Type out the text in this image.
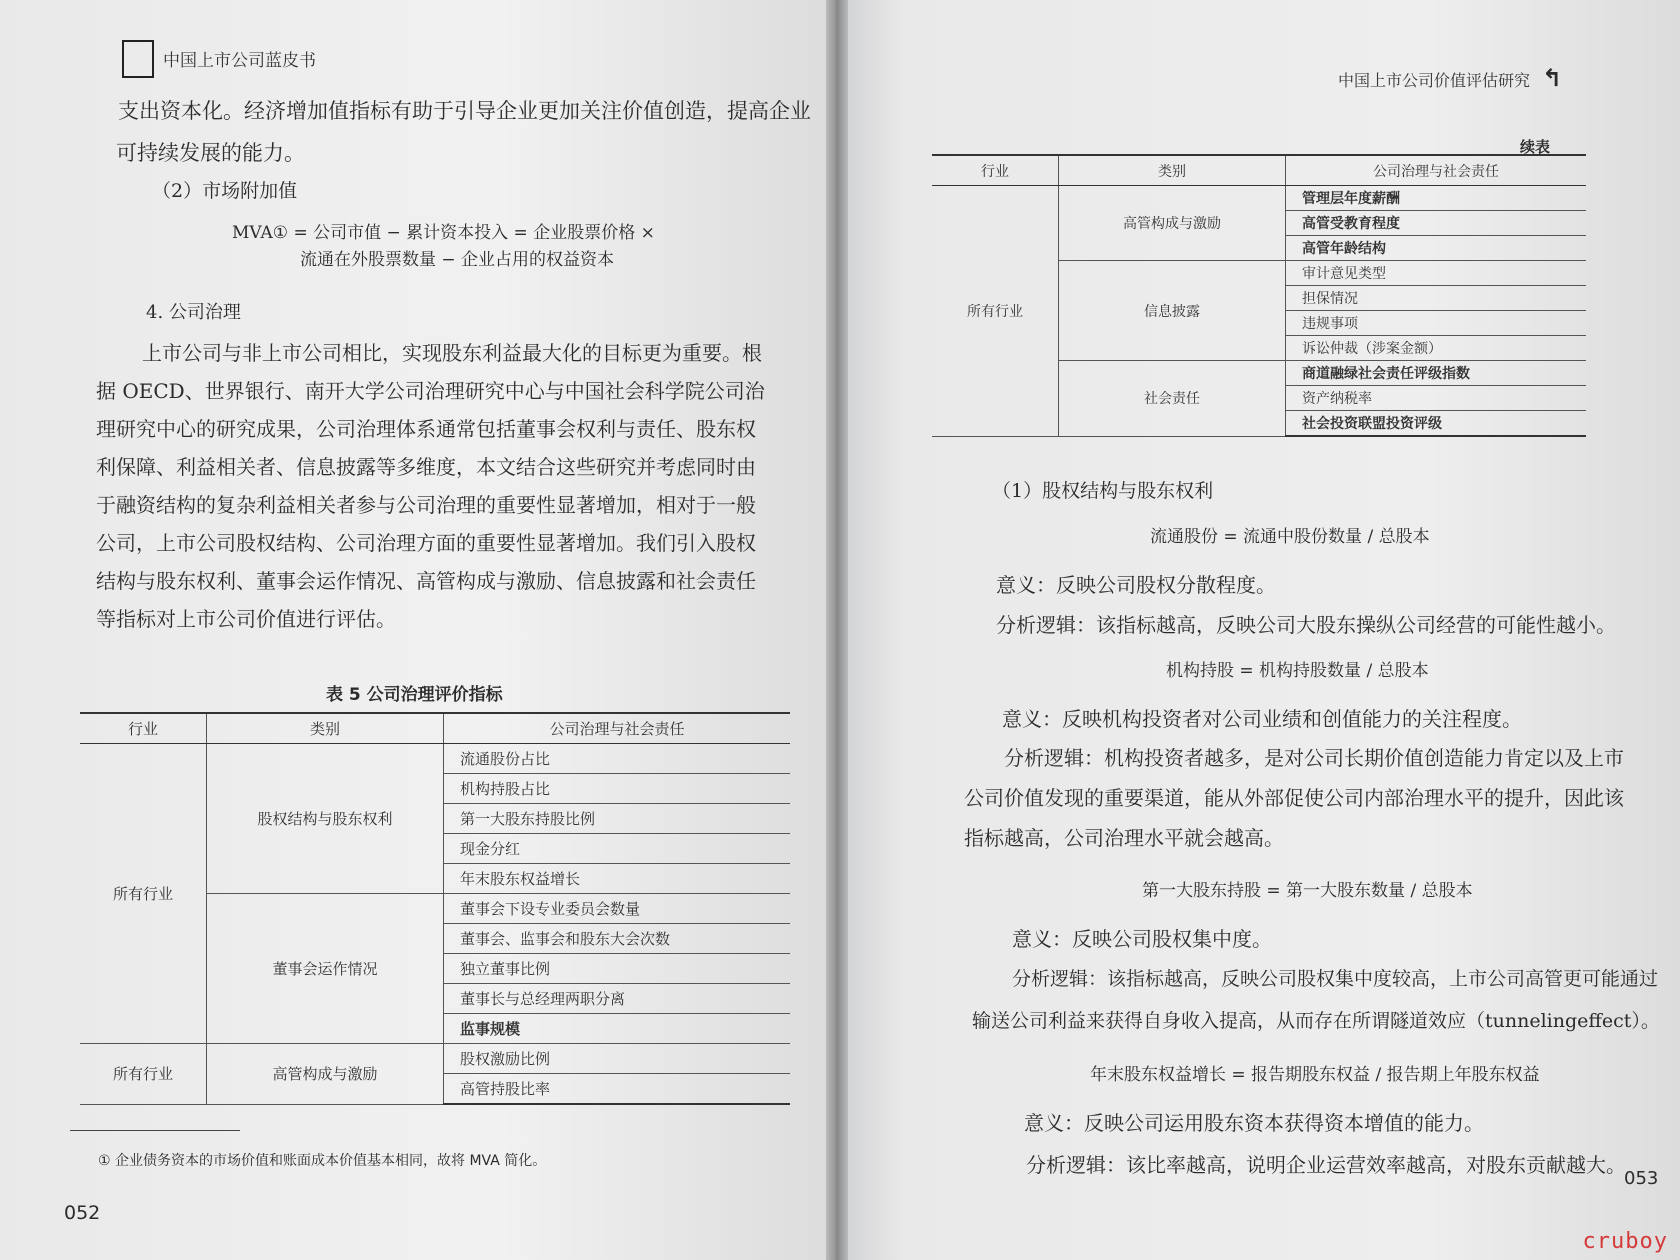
中国上市公司蓝皮书
支出资本化。经济增加值指标有助于引导企业更加关注价值创造，提高企业
可持续发展的能力。
（2）市场附加值
MVA① = 公司市值 − 累计资本投入 = 企业股票价格 ×
流通在外股票数量 − 企业占用的权益资本
4. 公司治理
上市公司与非上市公司相比，实现股东利益最大化的目标更为重要。根
据 OECD、世界银行、南开大学公司治理研究中心与中国社会科学院公司治
理研究中心的研究成果，公司治理体系通常包括董事会权利与责任、股东权
利保障、利益相关者、信息披露等多维度，本文结合这些研究并考虑同时由
于融资结构的复杂利益相关者参与公司治理的重要性显著增加，相对于一般
公司，上市公司股权结构、公司治理方面的重要性显著增加。我们引入股权
结构与股东权利、董事会运作情况、高管构成与激励、信息披露和社会责任
等指标对上市公司价值进行评估。
表 5 公司治理评价指标
行业	类别	公司治理与社会责任
所有行业	股权结构与股东权利	流通股份占比
		机构持股占比
		第一大股东持股比例
		现金分红
		年末股东权益增长
	董事会运作情况	董事会下设专业委员会数量
		董事会、监事会和股东大会次数
		独立董事比例
		董事长与总经理两职分离
		监事规模
所有行业	高管构成与激励	股权激励比例
		高管持股比率
① 企业债务资本的市场价值和账面成本价值基本相同，故将 MVA 简化。
052
中国上市公司价值评估研究 ↰
续表
行业	类别	公司治理与社会责任
所有行业	高管构成与激励	管理层年度薪酬
		高管受教育程度
		高管年龄结构
	信息披露	审计意见类型
		担保情况
		违规事项
		诉讼仲裁（涉案金额）
	社会责任	商道融绿社会责任评级指数
		资产纳税率
		社会投资联盟投资评级
（1）股权结构与股东权利
流通股份 = 流通中股份数量 / 总股本
意义：反映公司股权分散程度。
分析逻辑：该指标越高，反映公司大股东操纵公司经营的可能性越小。
机构持股 = 机构持股数量 / 总股本
意义：反映机构投资者对公司业绩和创值能力的关注程度。
分析逻辑：机构投资者越多，是对公司长期价值创造能力肯定以及上市
公司价值发现的重要渠道，能从外部促使公司内部治理水平的提升，因此该
指标越高，公司治理水平就会越高。
第一大股东持股 = 第一大股东数量 / 总股本
意义：反映公司股权集中度。
分析逻辑：该指标越高，反映公司股权集中度较高，上市公司高管更可能通过
输送公司利益来获得自身收入提高，从而存在所谓隧道效应（tunnelingeffect）。
年末股东权益增长 = 报告期股东权益 / 报告期上年股东权益
意义：反映公司运用股东资本获得资本增值的能力。
分析逻辑：该比率越高，说明企业运营效率越高，对股东贡献越大。
053
cruboy
